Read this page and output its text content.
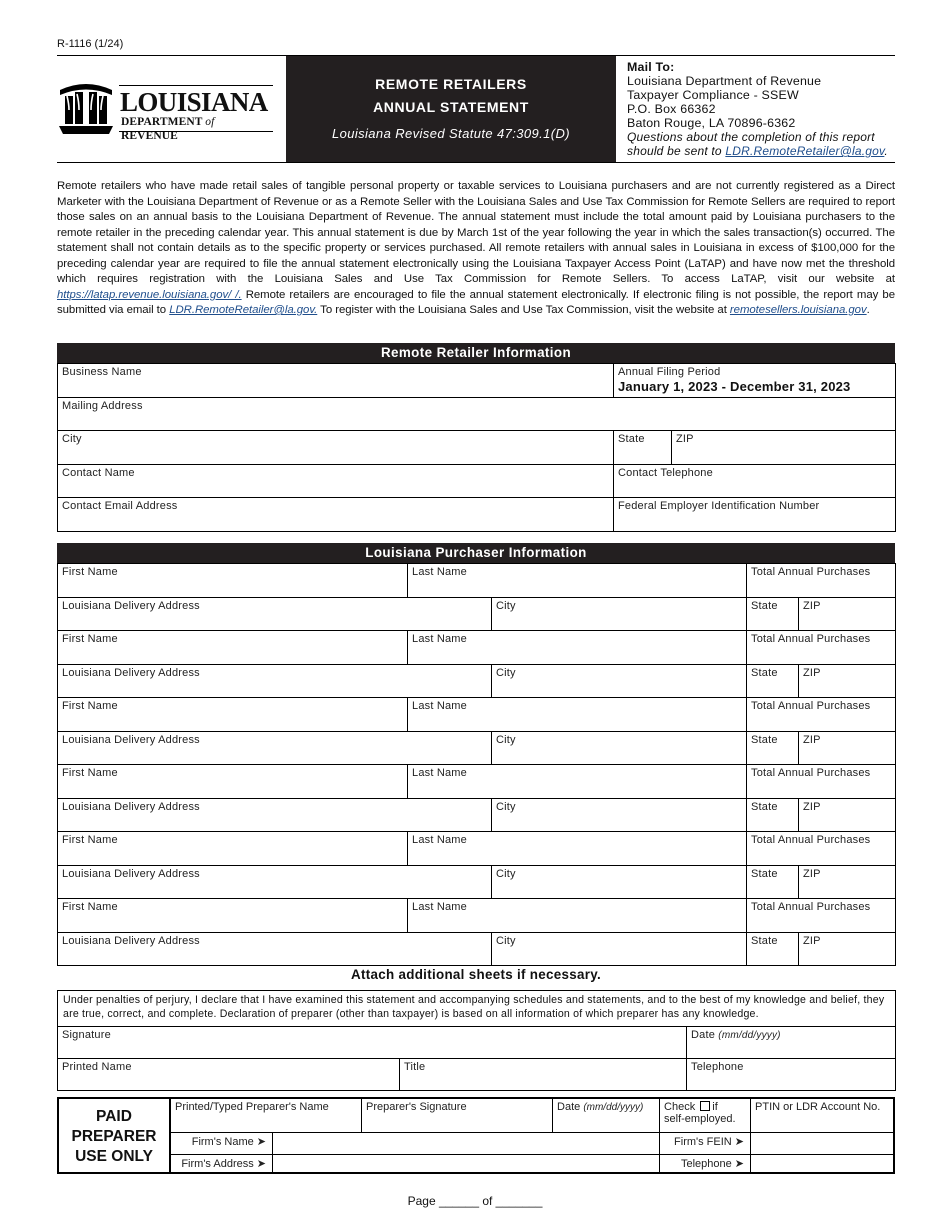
R-1116 (1/24)
LOUISIANA
DEPARTMENT of REVENUE
REMOTE RETAILERS
ANNUAL STATEMENT
Louisiana Revised Statute 47:309.1(D)
Mail To:
Louisiana Department of Revenue
Taxpayer Compliance - SSEW
P.O. Box 66362
Baton Rouge, LA 70896-6362
Questions about the completion of this report
should be sent to LDR.RemoteRetailer@la.gov.
Remote retailers who have made retail sales of tangible personal property or taxable services to Louisiana purchasers and are not currently registered as a Direct Marketer with the Louisiana Department of Revenue or as a Remote Seller with the Louisiana Sales and Use Tax Commission for Remote Sellers are required to report those sales on an annual basis to the Louisiana Department of Revenue. The annual statement must include the total amount paid by Louisiana purchasers to the remote retailer in the preceding calendar year. This annual statement is due by March 1st of the year following the year in which the sales transaction(s) occurred. The statement shall not contain details as to the specific property or services purchased. All remote retailers with annual sales in Louisiana in excess of $100,000 for the preceding calendar year are required to file the annual statement electronically using the Louisiana Taxpayer Access Point (LaTAP) and have now met the threshold which requires registration with the Louisiana Sales and Use Tax Commission for Remote Sellers. To access LaTAP, visit our website at https://latap.revenue.louisiana.gov/ /. Remote retailers are encouraged to file the annual statement electronically. If electronic filing is not possible, the report may be submitted via email to LDR.RemoteRetailer@la.gov. To register with the Louisiana Sales and Use Tax Commission, visit the website at remotesellers.louisiana.gov.
Remote Retailer Information
Business Name	Annual Filing Period
January 1, 2023 - December 31, 2023	

Mailing Address		
City	State	ZIP
Contact Name	Contact Telephone	
Contact Email Address	Federal Employer Identification Number	
Louisiana Purchaser Information
First Name	Last Name		Total Annual Purchases	
Louisiana Delivery Address		City	State	ZIP
First Name	Last Name		Total Annual Purchases	
Louisiana Delivery Address		City	State	ZIP
First Name	Last Name		Total Annual Purchases	
Louisiana Delivery Address		City	State	ZIP
First Name	Last Name		Total Annual Purchases	
Louisiana Delivery Address		City	State	ZIP
First Name	Last Name		Total Annual Purchases	
Louisiana Delivery Address		City	State	ZIP
First Name	Last Name		Total Annual Purchases	
Louisiana Delivery Address		City	State	ZIP
Attach additional sheets if necessary.
Under penalties of perjury, I declare that I have examined this statement and accompanying schedules and statements, and to the best of my knowledge and belief, they are true, correct, and complete. Declaration of preparer (other than taxpayer) is based on all information of which preparer has any knowledge.		
Signature		Date (mm/dd/yyyy)
Printed Name	Title	Telephone
PAID
PREPARER
USE ONLY
Printed/Typed Preparer's Name		Preparer's Signature	Date (mm/dd/yyyy)	Check if
self-employed.	PTIN or LDR Account No.
Firm's Name ➤				Firm's FEIN ➤	
Firm's Address ➤				Telephone ➤	
Page ______ of _______
